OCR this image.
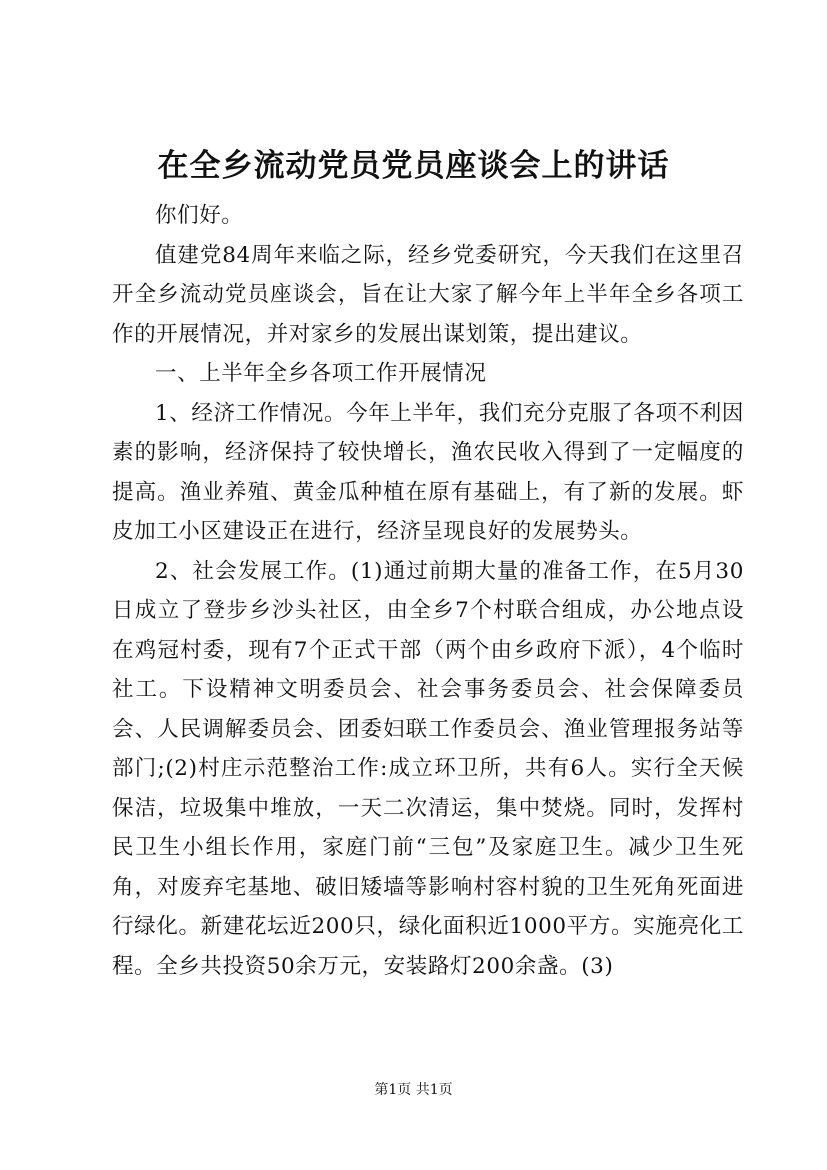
在全乡流动党员党员座谈会上的讲话

你们好。

值建党84周年来临之际，经乡党委研究，今天我们在这里召开全乡流动党员座谈会，旨在让大家了解今年上半年全乡各项工作的开展情况，并对家乡的发展出谋划策，提出建议。

一、上半年全乡各项工作开展情况

1、经济工作情况。今年上半年，我们充分克服了各项不利因素的影响，经济保持了较快增长，渔农民收入得到了一定幅度的提高。渔业养殖、黄金瓜种植在原有基础上，有了新的发展。虾皮加工小区建设正在进行，经济呈现良好的发展势头。

2、社会发展工作。(1)通过前期大量的准备工作，在5月30日成立了登步乡沙头社区，由全乡7个村联合组成，办公地点设在鸡冠村委，现有7个正式干部（两个由乡政府下派），4个临时社工。下设精神文明委员会、社会事务委员会、社会保障委员会、人民调解委员会、团委妇联工作委员会、渔业管理报务站等部门;(2)村庄示范整治工作:成立环卫所，共有6人。实行全天候保洁，垃圾集中堆放，一天二次清运，集中焚烧。同时，发挥村民卫生小组长作用，家庭门前“三包”及家庭卫生。减少卫生死角，对废弃宅基地、破旧矮墙等影响村容村貌的卫生死角死面进行绿化。新建花坛近200只，绿化面积近1000平方。实施亮化工程。全乡共投资50余万元，安装路灯200余盏。(3)

第1页 共1页
